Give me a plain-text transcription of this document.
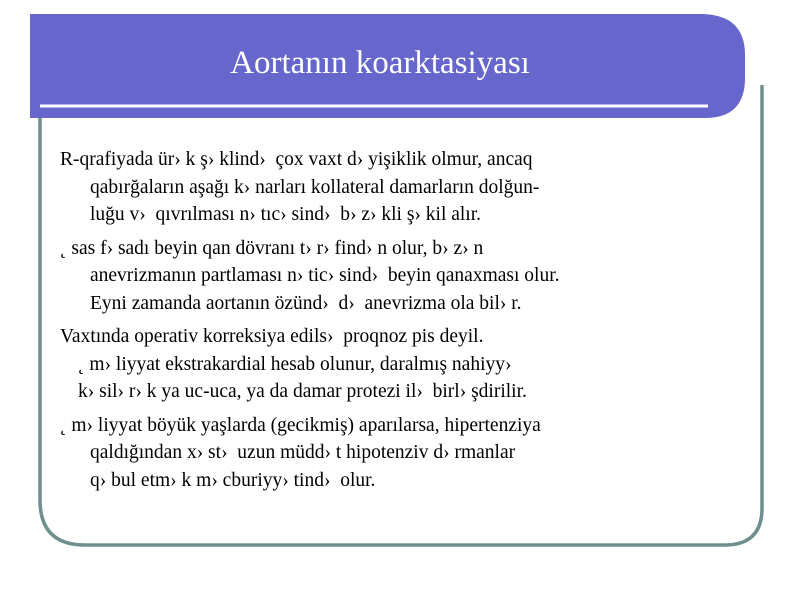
Aortanın koarktasiyası
R-qrafiyada ür› k ş› klind›  çox vaxt d› yişiklik olmur, ancaq
qabırğaların aşağı k› narları kollateral damarların dolğun-
luğu v›  qıvrılması n› tıc› sind›  b› z› kli ş› kil alır.
˛ sas f› sadı beyin qan dövranı t› r› find› n olur, b› z› n
anevrizmanın partlaması n› tic› sind›  beyin qanaxması olur.
Eyni zamanda aortanın özünd›  d›  anevrizma ola bil› r.
Vaxtında operativ korreksiya edils›  proqnoz pis deyil.
˛ m› liyyat ekstrakardial hesab olunur, daralmış nahiyy›
k› sil› r› k ya uc-uca, ya da damar protezi il›  birl› şdirilir.
˛ m› liyyat böyük yaşlarda (gecikmiş) aparılarsa, hipertenziya
qaldığından x› st›  uzun müdd› t hipotenziv d› rmanlar
q› bul etm› k m› cburiyy› tind›  olur.
